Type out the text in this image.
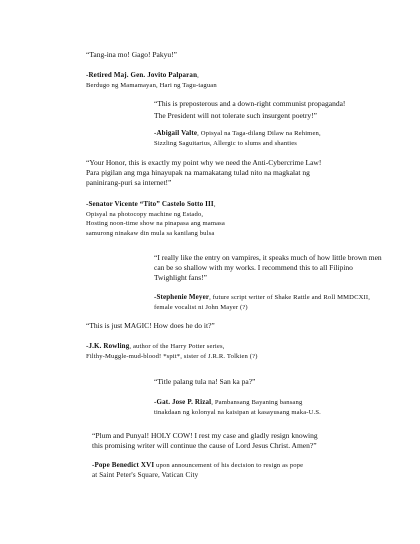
“Tang-ina mo! Gago! Pakyu!”
-Retired Maj. Gen. Jovito Palparan,
Berdugo ng Mamamayan, Hari ng Tagu-taguan
“This is preposterous and a down-right communist propaganda!
The President will not tolerate such insurgent poetry!”
-Abigail Valte, Opisyal na Taga-dilang Dilaw na Rehimen,
Sizzling Saguitarius, Allergic to slums and shanties
“Your Honor, this is exactly my point why we need the Anti-Cybercrime Law!
Para pigilan ang mga hinayupak na mamakatang tulad nito na magkalat ng
paninirang-puri sa internet!”
-Senator Vicente “Tito” Castelo Sotto III,
Opisyal na photocopy machine ng Estado,
Hosting noon-time show na pinapasa ang mamasa
samurong ninakaw din mula sa kanilang bulsa
“I really like the entry on vampires, it speaks much of how little brown men
can be so shallow with my works. I recommend this to all Filipino
Twighlight fans!”
-Stephenie Meyer, future script writer of Shake Rattle and Roll MMDCXII,
female vocalist ni John Mayer (?)
“This is just MAGIC! How does he do it?”
-J.K. Rowling, author of the Harry Potter series,
Filthy-Muggle-mud-blood! *spit*, sister of J.R.R. Tolkien (?)
“Title palang tula na! San ka pa?”
-Gat. Jose P. Rizal, Pambansang Bayaning bansang
tinakdaan ng kolonyal na kaisipan at kasayusang maka-U.S.
“Plum and Punyal! HOLY COW! I rest my case and gladly resign knowing
this promising writer will continue the cause of Lord Jesus Christ. Amen?”
-Pope Benedict XVI upon announcement of his decision to resign as pope
at Saint Peter's Square, Vatican City
